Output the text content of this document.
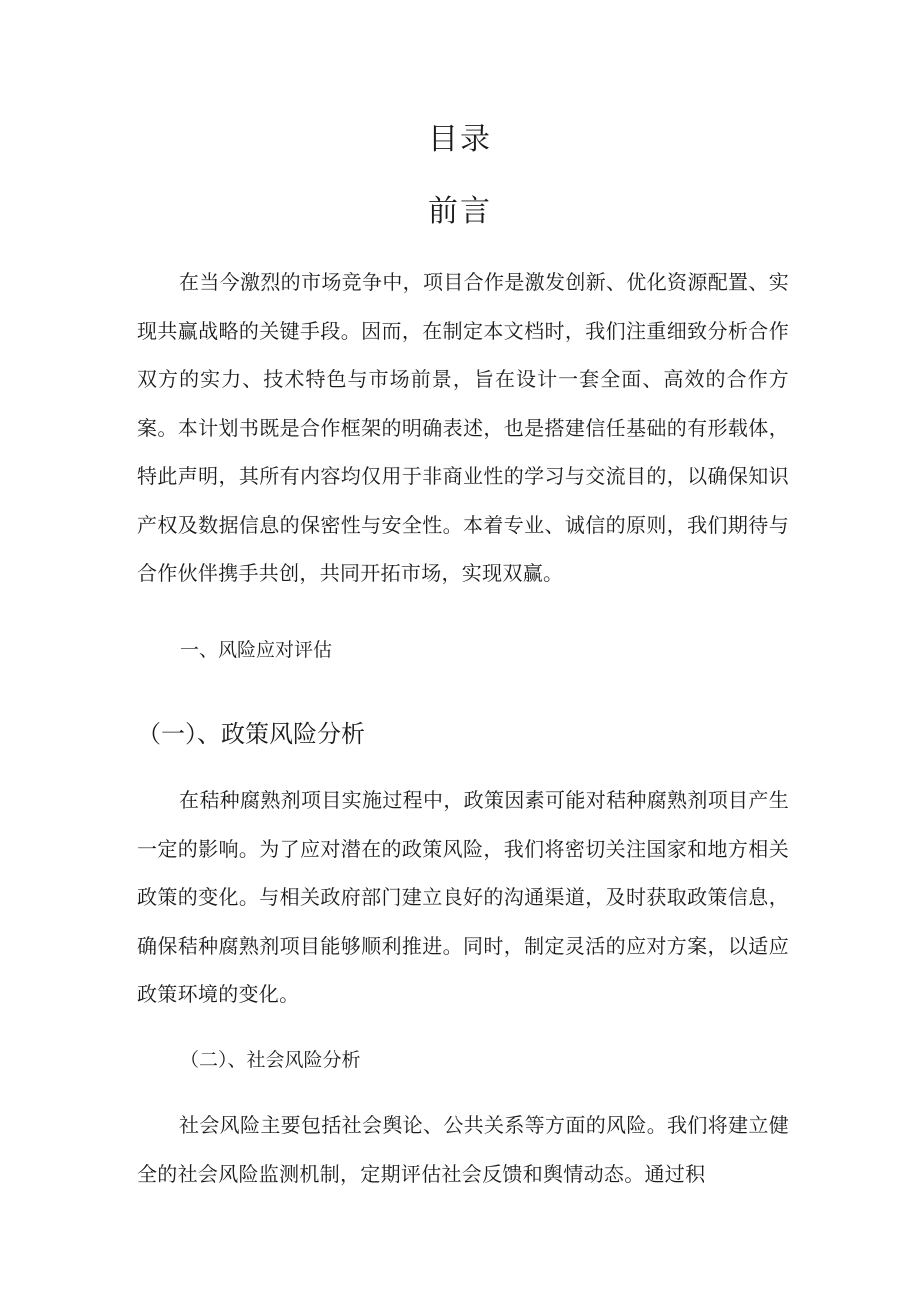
目录
前言

在当今激烈的市场竞争中，项目合作是激发创新、优化资源配置、实现共赢战略的关键手段。因而，在制定本文档时，我们注重细致分析合作双方的实力、技术特色与市场前景，旨在设计一套全面、高效的合作方案。本计划书既是合作框架的明确表述，也是搭建信任基础的有形载体，特此声明，其所有内容均仅用于非商业性的学习与交流目的，以确保知识产权及数据信息的保密性与安全性。本着专业、诚信的原则，我们期待与合作伙伴携手共创，共同开拓市场，实现双赢。

一、风险应对评估
（一）、政策风险分析

在秸种腐熟剂项目实施过程中，政策因素可能对秸种腐熟剂项目产生一定的影响。为了应对潜在的政策风险，我们将密切关注国家和地方相关政策的变化。与相关政府部门建立良好的沟通渠道，及时获取政策信息，确保秸种腐熟剂项目能够顺利推进。同时，制定灵活的应对方案，以适应政策环境的变化。

（二）、社会风险分析

社会风险主要包括社会舆论、公共关系等方面的风险。我们将建立健全的社会风险监测机制，定期评估社会反馈和舆情动态。通过积
